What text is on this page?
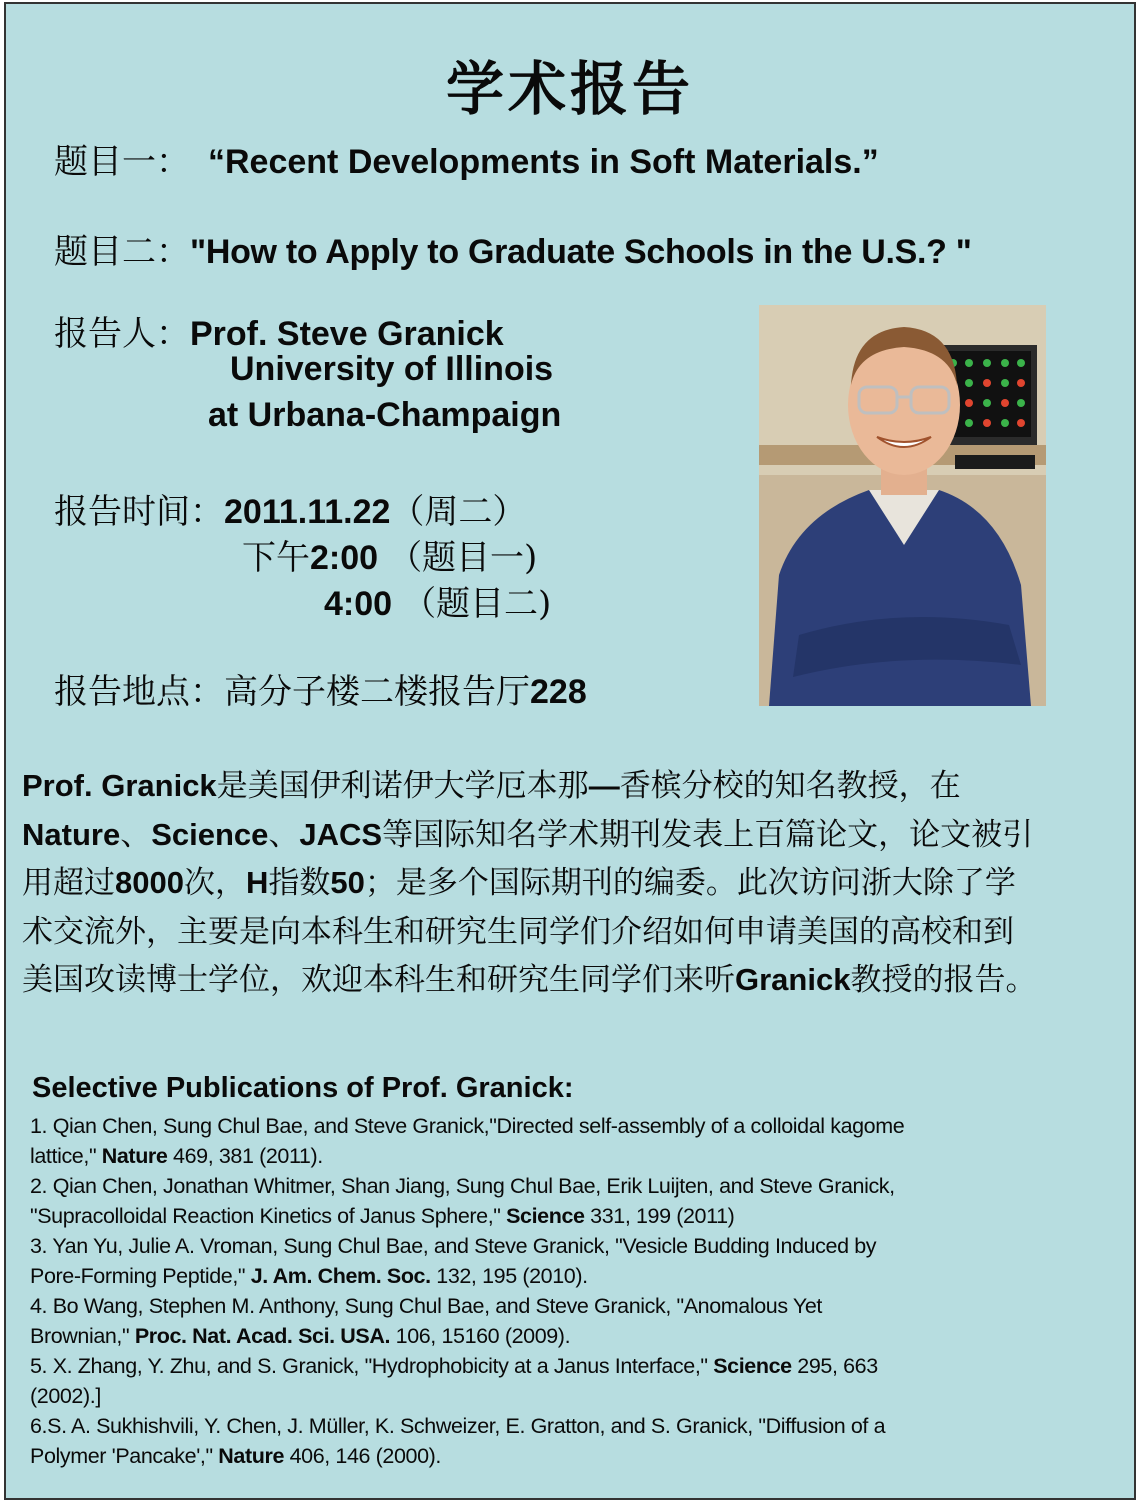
学术报告
题目一： “Recent Developments in Soft Materials.”
题目二："How to Apply to Graduate Schools in the U.S.? "
报告人：Prof. Steve Granick
University of Illinois
at Urbana-Champaign
报告时间：2011.11.22（周二）
下午2:00 （题目一)
4:00 （题目二)
报告地点：高分子楼二楼报告厅228

Prof. Granick是美国伊利诺伊大学厄本那—香槟分校的知名教授，在

Nature、Science、JACS等国际知名学术期刊发表上百篇论文，论文被引

用超过8000次，H指数50；是多个国际期刊的编委。此次访问浙大除了学

术交流外，主要是向本科生和研究生同学们介绍如何申请美国的高校和到

美国攻读博士学位，欢迎本科生和研究生同学们来听Granick教授的报告。

Selective Publications of Prof. Granick:
1. Qian Chen, Sung Chul Bae, and Steve Granick,"Directed self-assembly of a colloidal kagome
lattice," Nature 469, 381 (2011).
2. Qian Chen, Jonathan Whitmer, Shan Jiang, Sung Chul Bae, Erik Luijten, and Steve Granick,
"Supracolloidal Reaction Kinetics of Janus Sphere," Science 331, 199 (2011)
3. Yan Yu, Julie A. Vroman, Sung Chul Bae, and Steve Granick, "Vesicle Budding Induced by
Pore-Forming Peptide," J. Am. Chem. Soc. 132, 195 (2010).
4. Bo Wang, Stephen M. Anthony, Sung Chul Bae, and Steve Granick, "Anomalous Yet
Brownian," Proc. Nat. Acad. Sci. USA. 106, 15160 (2009).
5. X. Zhang, Y. Zhu, and S. Granick, "Hydrophobicity at a Janus Interface," Science 295, 663
(2002).]
6.S. A. Sukhishvili, Y. Chen, J. Müller, K. Schweizer, E. Gratton, and S. Granick, "Diffusion of a
Polymer 'Pancake'," Nature 406, 146 (2000).
